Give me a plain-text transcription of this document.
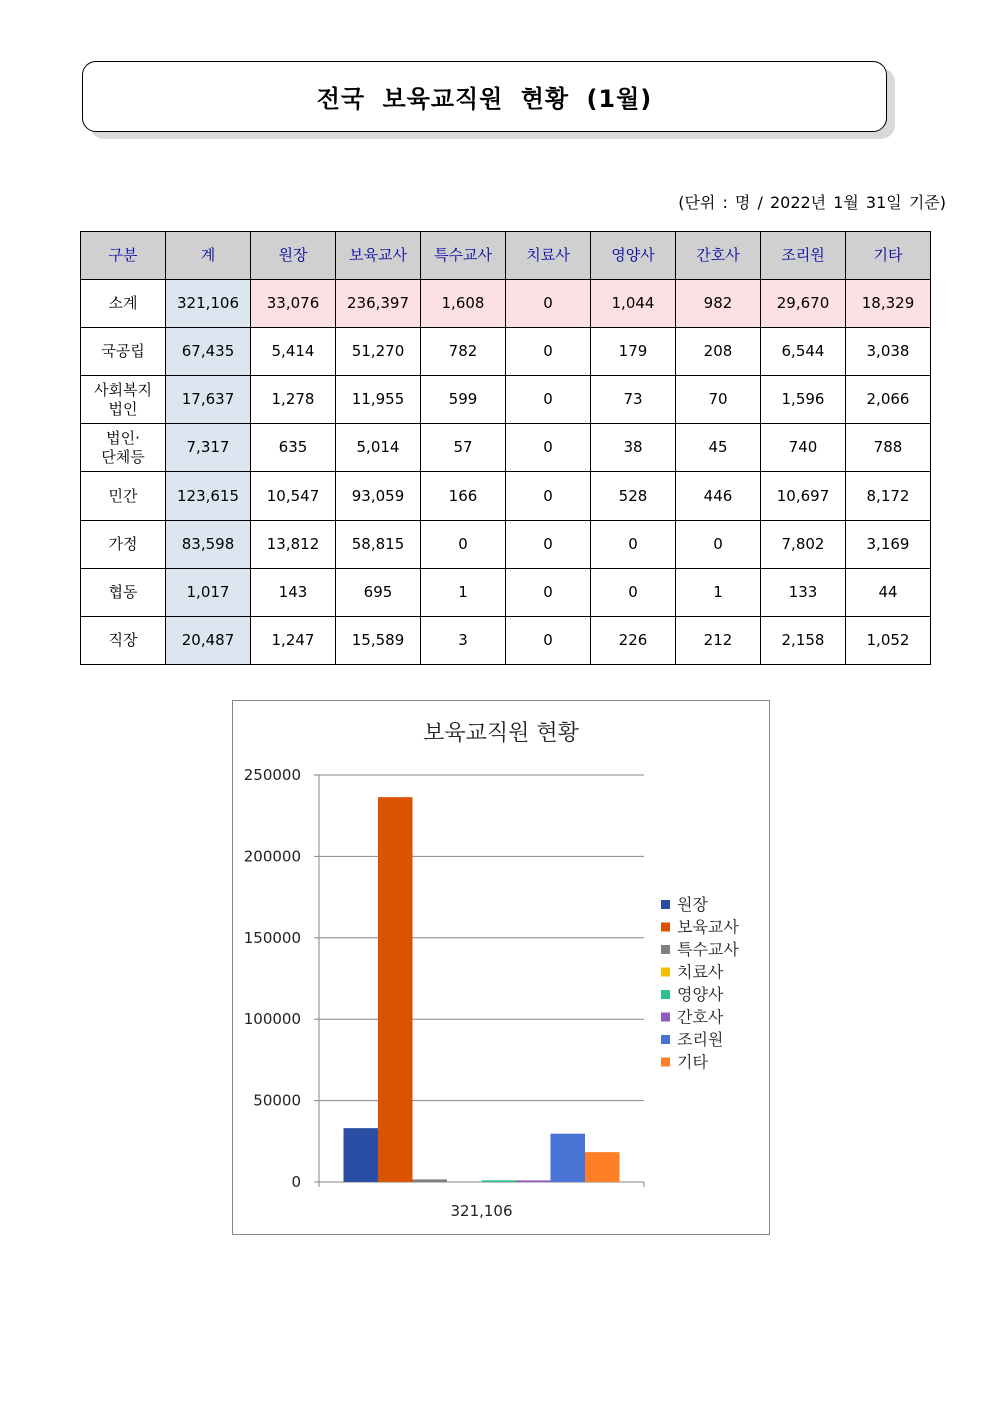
전국 보육교직원 현황 (1월)
(단위 : 명 / 2022년 1월 31일 기준)
구분	계	원장	보육교사	특수교사	치료사	영양사	간호사	조리원	기타
소계	321,106	33,076	236,397	1,608	0	1,044	982	29,670	18,329
국공립	67,435	5,414	51,270	782	0	179	208	6,544	3,038
사회복지
법인	17,637	1,278	11,955	599	0	73	70	1,596	2,066
법인·
단체등	7,317	635	5,014	57	0	38	45	740	788
민간	123,615	10,547	93,059	166	0	528	446	10,697	8,172
가정	83,598	13,812	58,815	0	0	0	0	7,802	3,169
협동	1,017	143	695	1	0	0	1	133	44
직장	20,487	1,247	15,589	3	0	226	212	2,158	1,052
보육교직원 현황
0
50000
100000
150000
200000
250000
321,106
원장
보육교사
특수교사
치료사
영양사
간호사
조리원
기타
